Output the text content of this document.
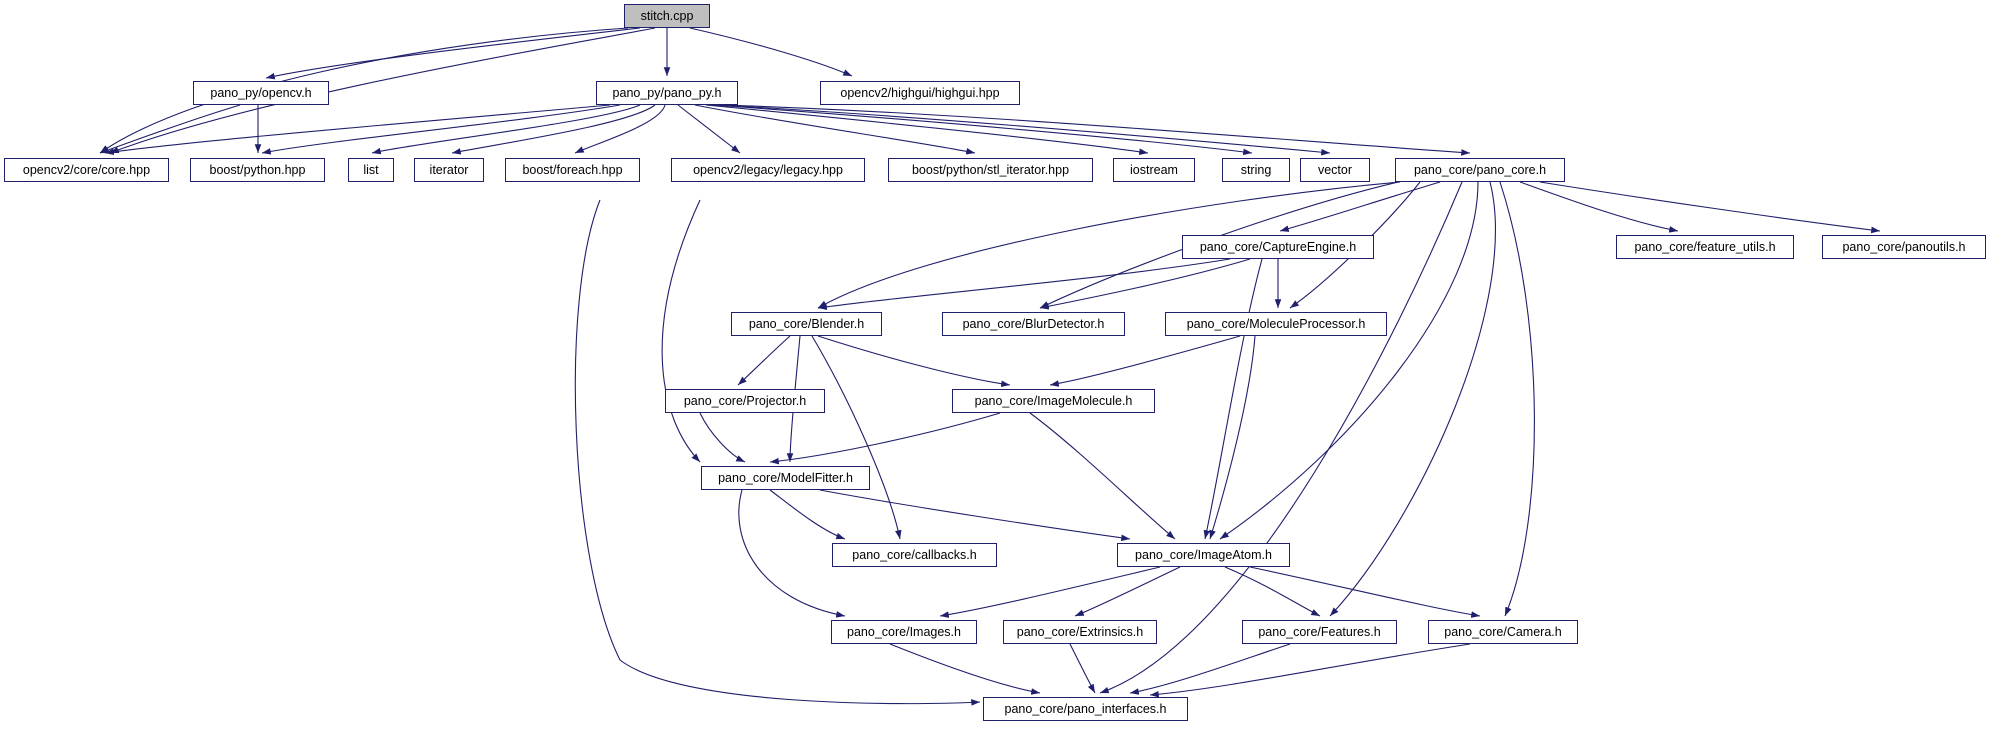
stitch.cpp
pano_py/opencv.h	pano_py/pano_py.h	opencv2/highgui/highgui.hpp
opencv2/core/core.hpp	boost/python.hpp	list	iterator	boost/foreach.hpp	opencv2/legacy/legacy.hpp	boost/python/stl_iterator.hpp	iostream	string	vector	pano_core/pano_core.h
pano_core/feature_utils.h	pano_core/panoutils.h
pano_core/CaptureEngine.h
pano_core/Blender.h	pano_core/BlurDetector.h	pano_core/MoleculeProcessor.h
pano_core/Projector.h	pano_core/ImageMolecule.h
pano_core/ModelFitter.h
pano_core/callbacks.h	pano_core/ImageAtom.h
pano_core/Images.h	pano_core/Extrinsics.h	pano_core/Features.h	pano_core/Camera.h
pano_core/pano_interfaces.h
